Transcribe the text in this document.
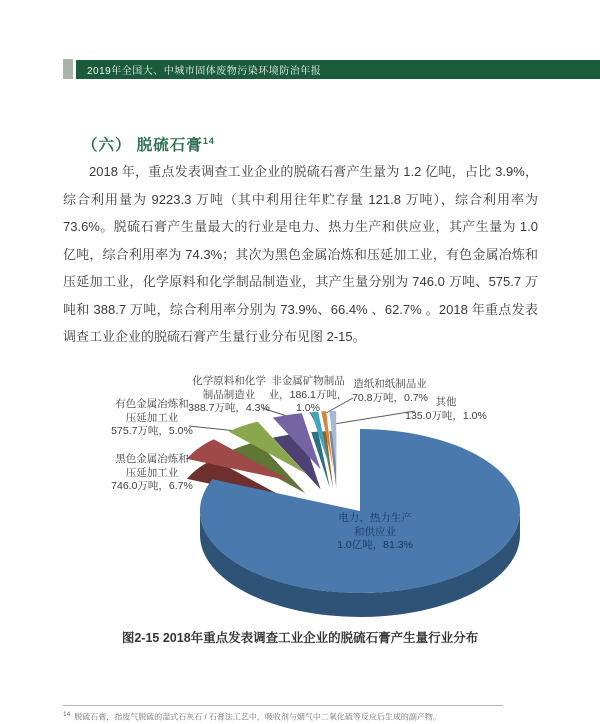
2019年全国大、中城市固体废物污染环境防治年报
（六） 脱硫石膏$^{14}$

2018 年，重点发表调查工业企业的脱硫石膏产生量为 1.2 亿吨，占比 3.9%，综合利用量为 9223.3 万吨（其中利用往年贮存量 121.8 万吨），综合利用率为 73.6%。脱硫石膏产生量最大的行业是电力、热力生产和供应业，其产生量为 1.0 亿吨，综合利用率为 74.3%；其次为黑色金属冶炼和压延加工业，有色金属冶炼和压延加工业，化学原料和化学制品制造业，其产生量分别为 746.0 万吨、575.7 万吨和 388.7 万吨，综合利用率分别为 73.9%、66.4% 、62.7% 。2018 年重点发表调查工业企业的脱硫石膏产生量行业分布见图 2-15。

有色金属冶炼和
压延加工业
575.7万吨，5.0%
化学原料和化学
制品制造业
388.7万吨，4.3%
非金属矿物制品
业，186.1万吨，
1.0%
造纸和纸制品业
70.8万吨，0.7% 其他
135.0万吨，1.0%
黑色金属冶炼和
压延加工业
746.0万吨，6.7%
电力、热力生产
和供应业
1.0亿吨，81.3%

图2-15 2018年重点发表调查工业企业的脱硫石膏产生量行业分布

$^{14}$ 脱硫石膏，指废气脱硫的湿式石灰石 / 石膏法工艺中，吸收剂与烟气中二氧化硫等反应后生成的副产物。
